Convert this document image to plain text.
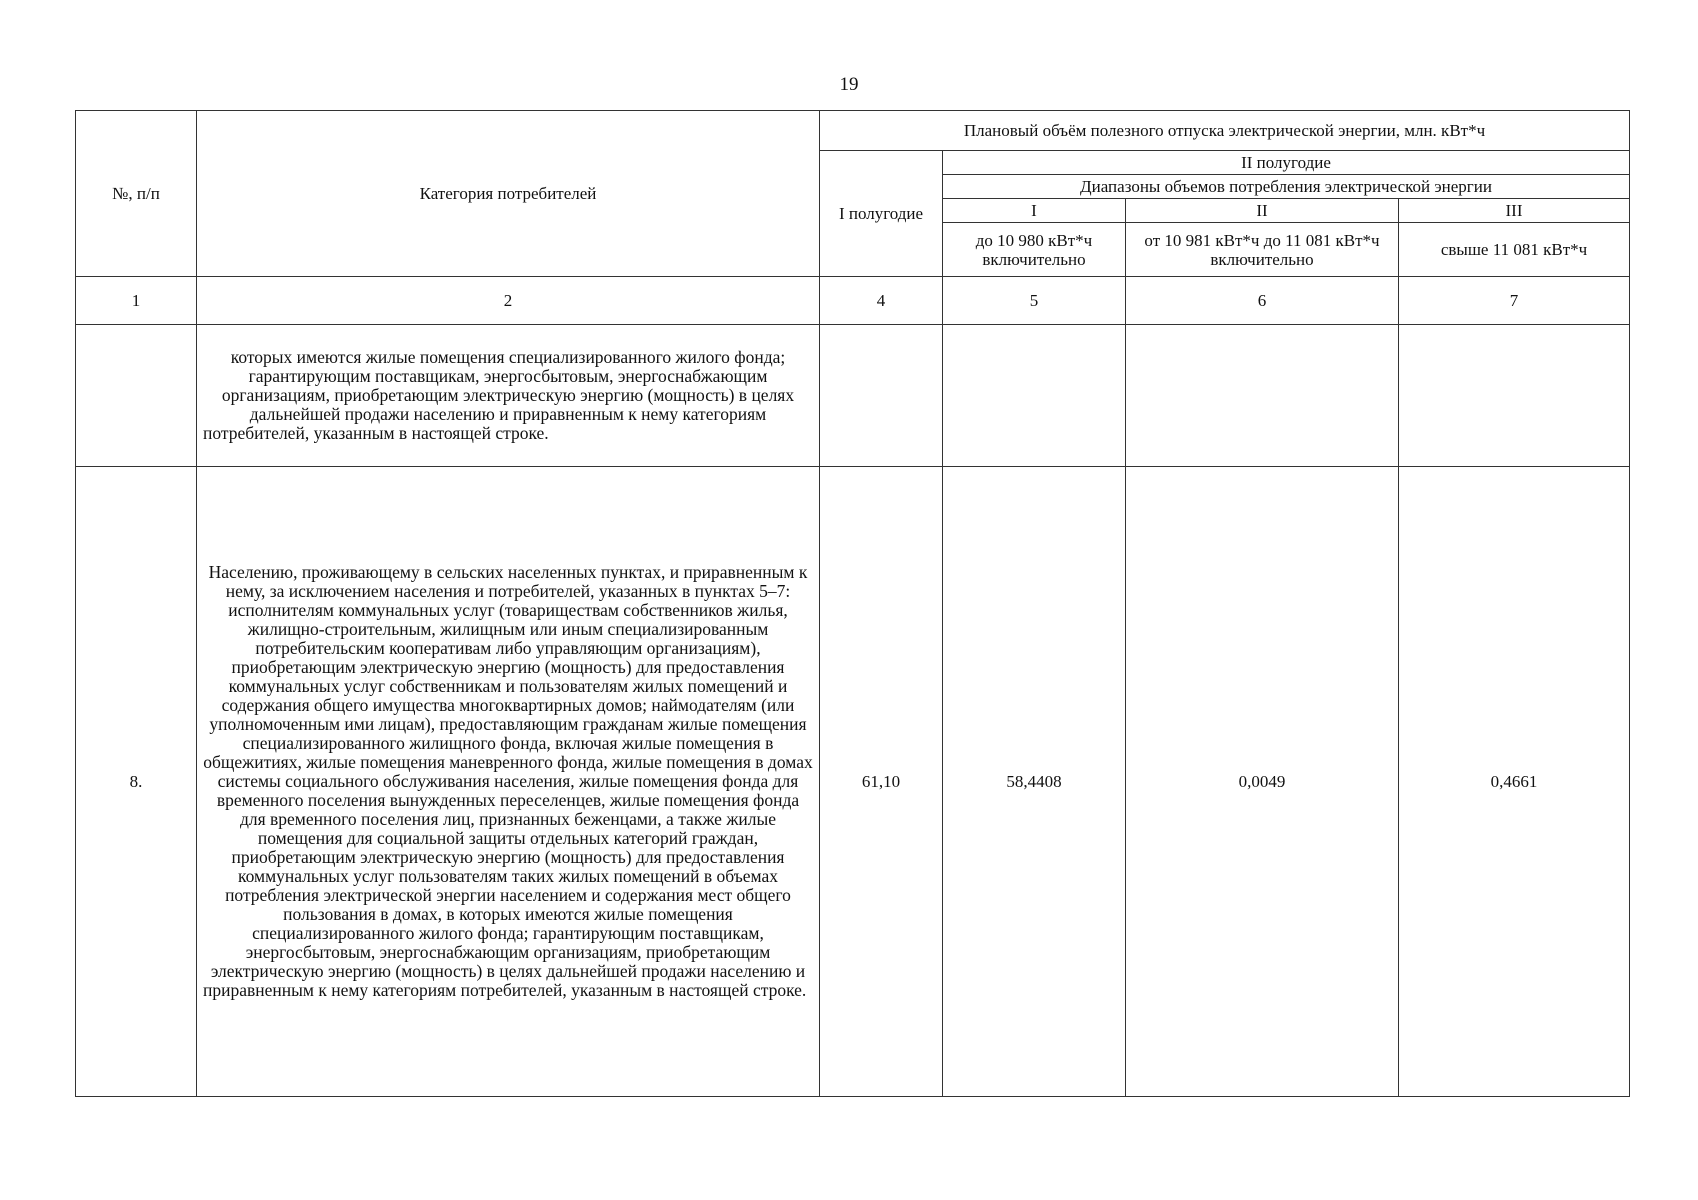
19
№, п/п	Категория потребителей	Плановый объём полезного отпуска электрической энергии, млн. кВт*ч			
		I полугодие	II полугодие		
			Диапазоны объемов потребления электрической энергии		
			I	II	III
			до 10 980 кВт*ч включительно	от 10 981 кВт*ч до 11 081 кВт*ч включительно	свыше 11 081 кВт*ч
1	2	4	5	6	7
	которых имеются жилые помещения специализированного жилого фонда; гарантирующим поставщикам, энергосбытовым, энергоснабжающим организациям, приобретающим электрическую энергию (мощность) в целях дальнейшей продажи населению и приравненным к нему категориям потребителей, указанным в настоящей строке.				
8.	Населению, проживающему в сельских населенных пунктах, и приравненным к нему, за исключением населения и потребителей, указанных в пунктах 5–7: исполнителям коммунальных услуг (товариществам собственников жилья, жилищно-строительным, жилищным или иным специализированным потребительским кооперативам либо управляющим организациям), приобретающим электрическую энергию (мощность) для предоставления коммунальных услуг собственникам и пользователям жилых помещений и содержания общего имущества многоквартирных домов; наймодателям (или уполномоченным ими лицам), предоставляющим гражданам жилые помещения специализированного жилищного фонда, включая жилые помещения в общежитиях, жилые помещения маневренного фонда, жилые помещения в домах системы социального обслуживания населения, жилые помещения фонда для временного поселения вынужденных переселенцев, жилые помещения фонда для временного поселения лиц, признанных беженцами, а также жилые помещения для социальной защиты отдельных категорий граждан, приобретающим электрическую энергию (мощность) для предоставления коммунальных услуг пользователям таких жилых помещений в объемах потребления электрической энергии населением и содержания мест общего пользования в домах, в которых имеются жилые помещения специализированного жилого фонда; гарантирующим поставщикам, энергосбытовым, энергоснабжающим организациям, приобретающим электрическую энергию (мощность) в целях дальнейшей продажи населению и приравненным к нему категориям потребителей, указанным в настоящей строке.	61,10	58,4408	0,0049	0,4661
